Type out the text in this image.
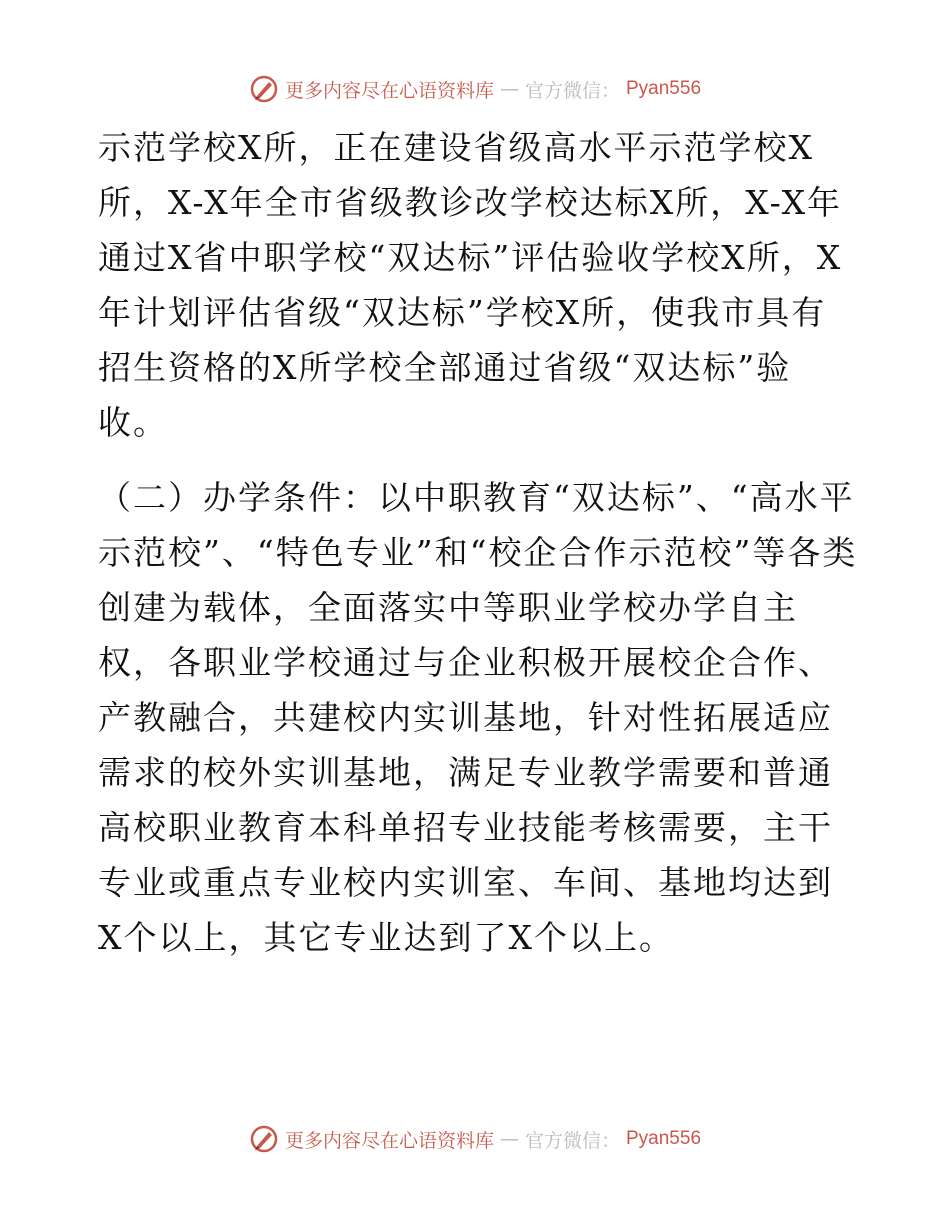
更多内容尽在心语资料库 — 官方微信： Pyan556

示范学校X所，正在建设省级高水平示范学校X所，X-X年全市省级教诊改学校达标X所，X-X年通过X省中职学校“双达标”评估验收学校X所，X年计划评估省级“双达标”学校X所，使我市具有招生资格的X所学校全部通过省级“双达标”验收。

（二）办学条件：以中职教育“双达标”、“高水平示范校”、“特色专业”和“校企合作示范校”等各类创建为载体，全面落实中等职业学校办学自主权，各职业学校通过与企业积极开展校企合作、产教融合，共建校内实训基地，针对性拓展适应需求的校外实训基地，满足专业教学需要和普通高校职业教育本科单招专业技能考核需要，主干专业或重点专业校内实训室、车间、基地均达到X个以上，其它专业达到了X个以上。

更多内容尽在心语资料库 — 官方微信： Pyan556
